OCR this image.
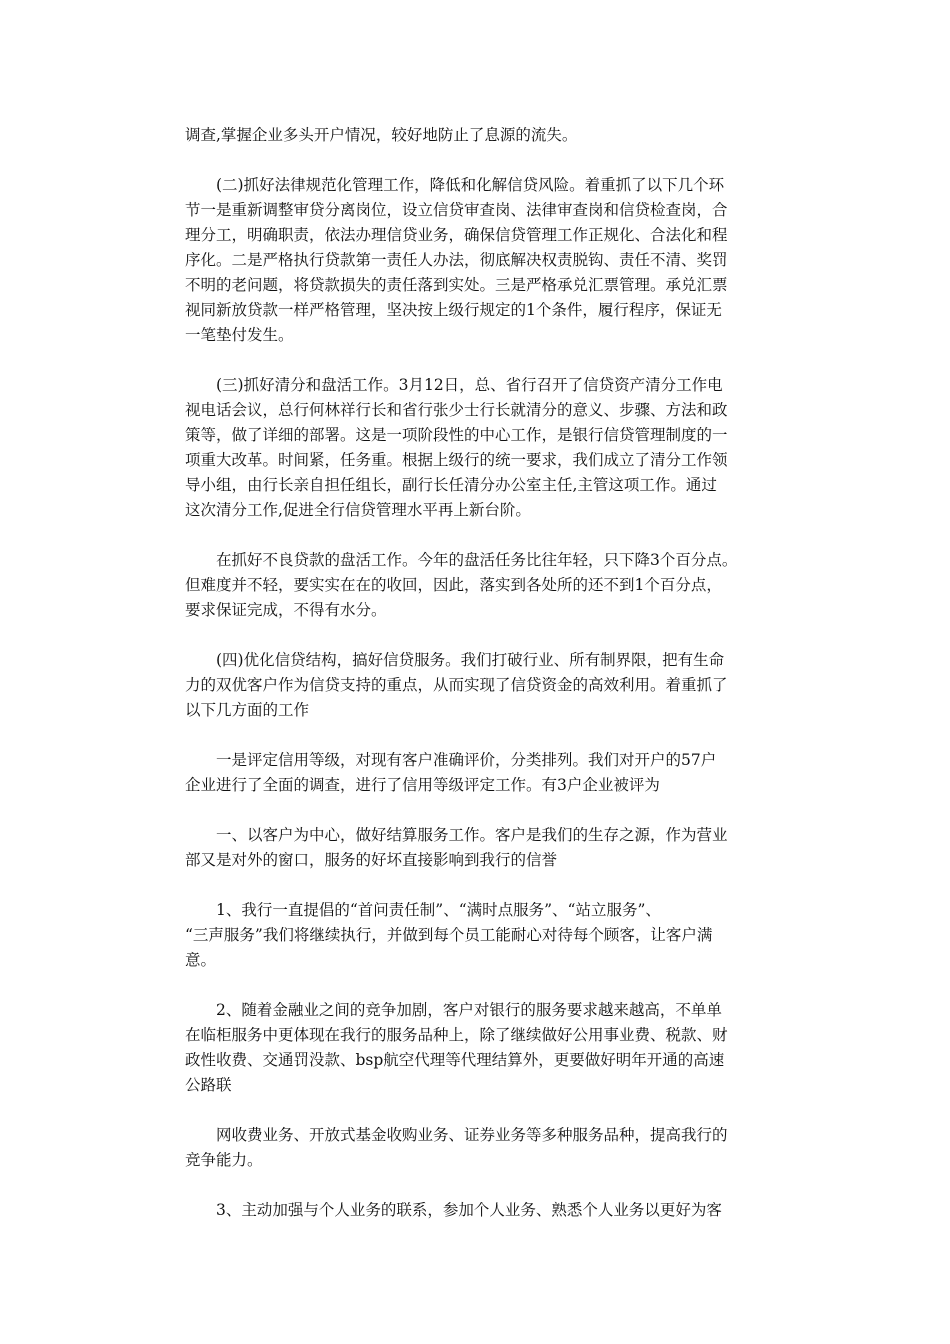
调查,掌握企业多头开户情况，较好地防止了息源的流失。
(二)抓好法律规范化管理工作，降低和化解信贷风险。着重抓了以下几个环
节一是重新调整审贷分离岗位，设立信贷审查岗、法律审查岗和信贷检查岗，合
理分工，明确职责，依法办理信贷业务，确保信贷管理工作正规化、合法化和程
序化。二是严格执行贷款第一责任人办法，彻底解决权责脱钩、责任不清、奖罚
不明的老问题，将贷款损失的责任落到实处。三是严格承兑汇票管理。承兑汇票
视同新放贷款一样严格管理，坚决按上级行规定的1个条件，履行程序，保证无
一笔垫付发生。
(三)抓好清分和盘活工作。3月12日，总、省行召开了信贷资产清分工作电
视电话会议，总行何林祥行长和省行张少士行长就清分的意义、步骤、方法和政
策等，做了详细的部署。这是一项阶段性的中心工作，是银行信贷管理制度的一
项重大改革。时间紧，任务重。根据上级行的统一要求，我们成立了清分工作领
导小组，由行长亲自担任组长，副行长任清分办公室主任,主管这项工作。通过
这次清分工作,促进全行信贷管理水平再上新台阶。
在抓好不良贷款的盘活工作。今年的盘活任务比往年轻，只下降3个百分点。
但难度并不轻，要实实在在的收回，因此，落实到各处所的还不到1个百分点，
要求保证完成，不得有水分。
(四)优化信贷结构，搞好信贷服务。我们打破行业、所有制界限，把有生命
力的双优客户作为信贷支持的重点，从而实现了信贷资金的高效利用。着重抓了
以下几方面的工作
一是评定信用等级，对现有客户准确评价，分类排列。我们对开户的57户
企业进行了全面的调查，进行了信用等级评定工作。有3户企业被评为
一、以客户为中心，做好结算服务工作。客户是我们的生存之源，作为营业
部又是对外的窗口，服务的好坏直接影响到我行的信誉
1、我行一直提倡的“首问责任制”、“满时点服务”、“站立服务”、
“三声服务”我们将继续执行，并做到每个员工能耐心对待每个顾客，让客户满
意。
2、随着金融业之间的竞争加剧，客户对银行的服务要求越来越高，不单单
在临柜服务中更体现在我行的服务品种上，除了继续做好公用事业费、税款、财
政性收费、交通罚没款、bsp航空代理等代理结算外，更要做好明年开通的高速
公路联
网收费业务、开放式基金收购业务、证券业务等多种服务品种，提高我行的
竞争能力。
3、主动加强与个人业务的联系，参加个人业务、熟悉个人业务以更好为客
